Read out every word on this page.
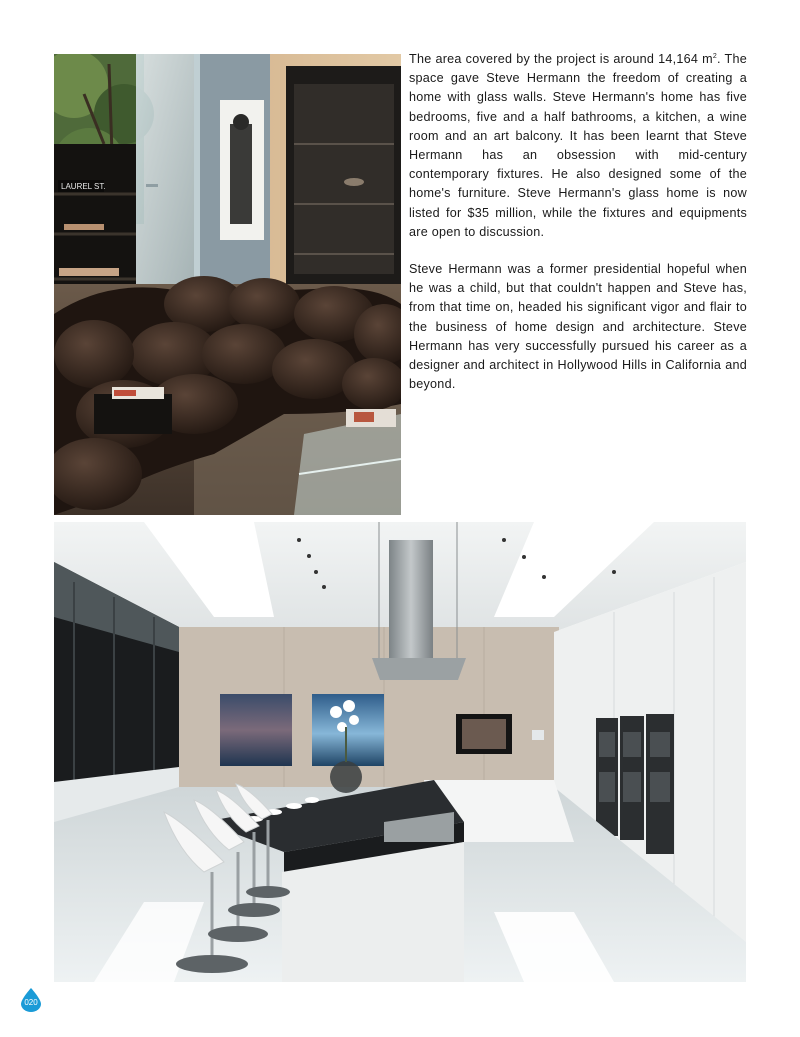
LAUREL ST.

The area covered by the project is around 14,164 $m^2$. The space gave Steve Hermann the freedom of creating a home with glass walls. Steve Hermann's home has five bedrooms, five and a half bathrooms, a kitchen, a wine room and an art balcony. It has been learnt that Steve Hermann has an obsession with mid-century contemporary fixtures. He also designed some of the home's furniture. Steve Hermann's glass home is now listed for $35 million, while the fixtures and equipments are open to discussion.

Steve Hermann was a former presidential hopeful when he was a child, but that couldn't happen and Steve has, from that time on, headed his significant vigor and flair to the business of home design and architecture. Steve Hermann has very successfully pursued his career as a designer and architect in Hollywood Hills in California and beyond.

020
